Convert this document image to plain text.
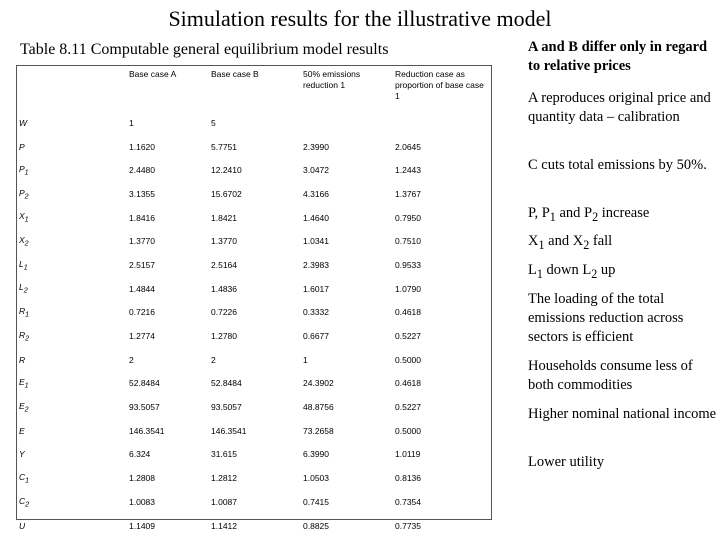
Simulation results for the illustrative model
Table 8.11 Computable general equilibrium model results
	Base case A	Base case B	50% emissions reduction 1	Reduction case as proportion of base case 1
W	1	5		
P	1.1620	5.7751	2.3990	2.0645
$P_1$	2.4480	12.2410	3.0472	1.2443
$P_2$	3.1355	15.6702	4.3166	1.3767
$X_1$	1.8416	1.8421	1.4640	0.7950
$X_2$	1.3770	1.3770	1.0341	0.7510
$L_1$	2.5157	2.5164	2.3983	0.9533
$L_2$	1.4844	1.4836	1.6017	1.0790
$R_1$	0.7216	0.7226	0.3332	0.4618
$R_2$	1.2774	1.2780	0.6677	0.5227
R	2	2	1	0.5000
$E_1$	52.8484	52.8484	24.3902	0.4618
$E_2$	93.5057	93.5057	48.8756	0.5227
E	146.3541	146.3541	73.2658	0.5000
Y	6.324	31.615	6.3990	1.0119
$C_1$	1.2808	1.2812	1.0503	0.8136
$C_2$	1.0083	1.0087	0.7415	0.7354
U	1.1409	1.1412	0.8825	0.7735
A and B differ only in regard to relative prices
A reproduces original price and quantity data – calibration
C cuts total emissions by 50%.
P, $P_1$ and $P_2$ increase
$X_1$ and $X_2$ fall
$L_1$ down $L_2$ up
The loading of the total emissions reduction across sectors is efficient
Households consume less of both commodities
Higher nominal national income
Lower utility
